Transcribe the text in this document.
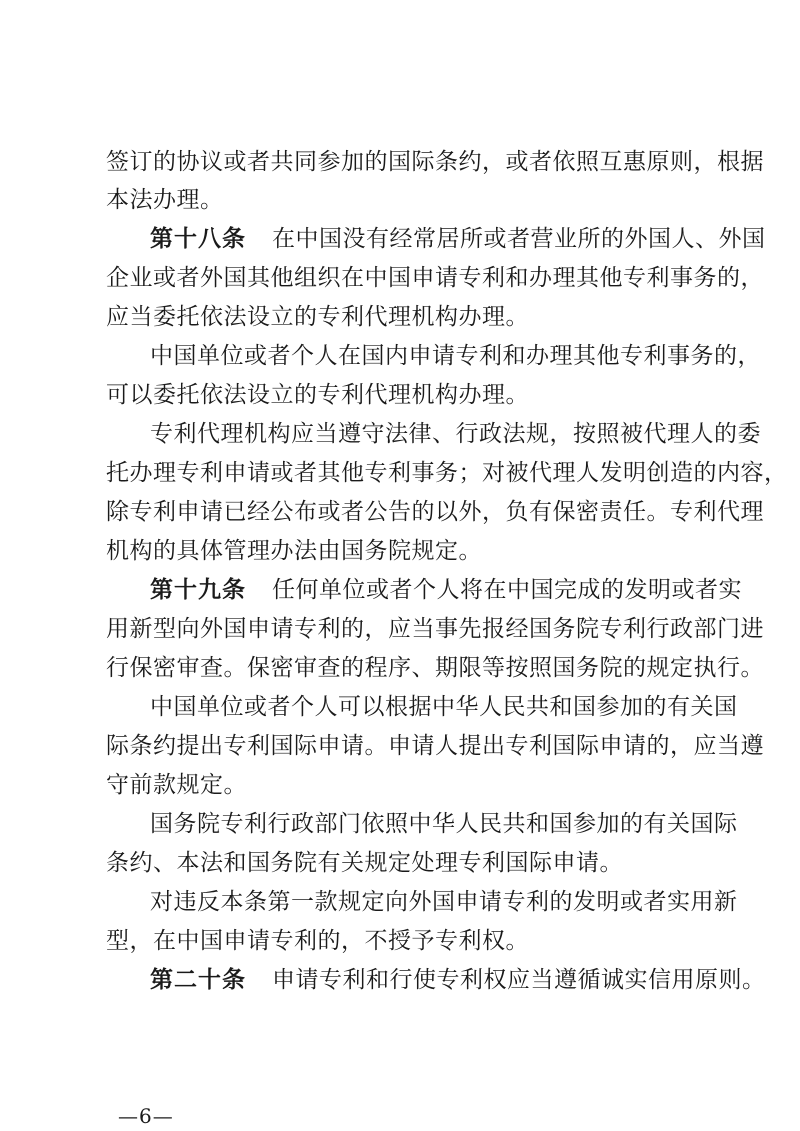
签订的协议或者共同参加的国际条约，或者依照互惠原则，根据
本法办理。
第十八条 在中国没有经常居所或者营业所的外国人、外国
企业或者外国其他组织在中国申请专利和办理其他专利事务的，
应当委托依法设立的专利代理机构办理。
中国单位或者个人在国内申请专利和办理其他专利事务的，
可以委托依法设立的专利代理机构办理。
专利代理机构应当遵守法律、行政法规，按照被代理人的委
托办理专利申请或者其他专利事务；对被代理人发明创造的内容，
除专利申请已经公布或者公告的以外，负有保密责任。专利代理
机构的具体管理办法由国务院规定。
第十九条 任何单位或者个人将在中国完成的发明或者实
用新型向外国申请专利的，应当事先报经国务院专利行政部门进
行保密审查。保密审查的程序、期限等按照国务院的规定执行。
中国单位或者个人可以根据中华人民共和国参加的有关国
际条约提出专利国际申请。申请人提出专利国际申请的，应当遵
守前款规定。
国务院专利行政部门依照中华人民共和国参加的有关国际
条约、本法和国务院有关规定处理专利国际申请。
对违反本条第一款规定向外国申请专利的发明或者实用新
型，在中国申请专利的，不授予专利权。
第二十条 申请专利和行使专利权应当遵循诚实信用原则。
—6—
